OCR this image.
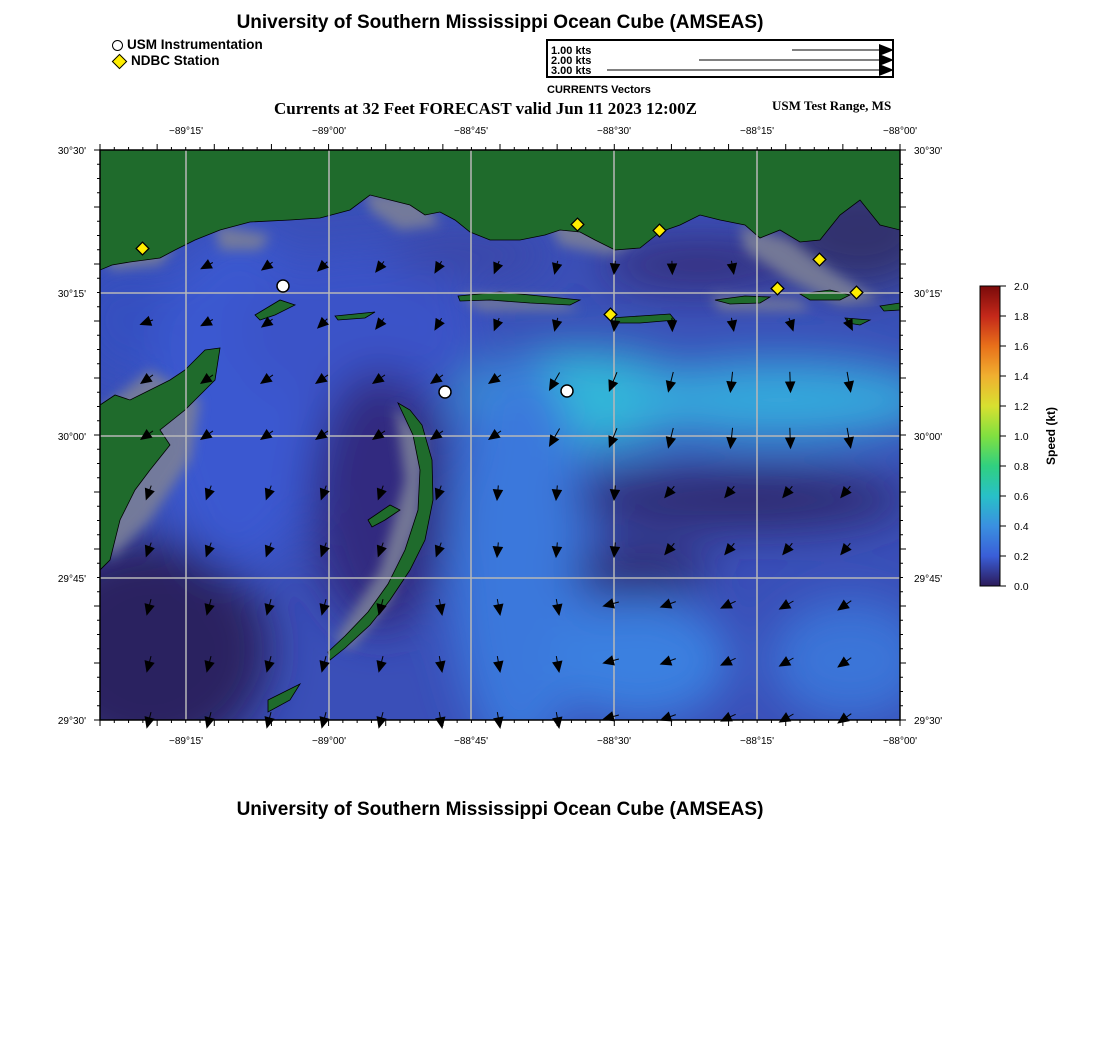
University of Southern Mississippi Ocean Cube (AMSEAS)
USM Instrumentation
NDBC Station
1.00 kts
2.00 kts
3.00 kts
CURRENTS Vectors
Currents at 32 Feet FORECAST valid Jun 11 2023 12:00Z	USM Test Range, MS
−89°15'	−89°00'	−88°45'	−88°30'	−88°15'	−88°00'
−89°15'	−89°00'	−88°45'	−88°30'	−88°15'	−88°00'
30°30'
30°15'
30°00'
29°45'
29°30'
30°30'
30°15'
30°00'
29°45'
29°30'
2.0
1.8
1.6
1.4
1.2
1.0
0.8
0.6
0.4
0.2
0.0
Speed (kt)
University of Southern Mississippi Ocean Cube (AMSEAS)
